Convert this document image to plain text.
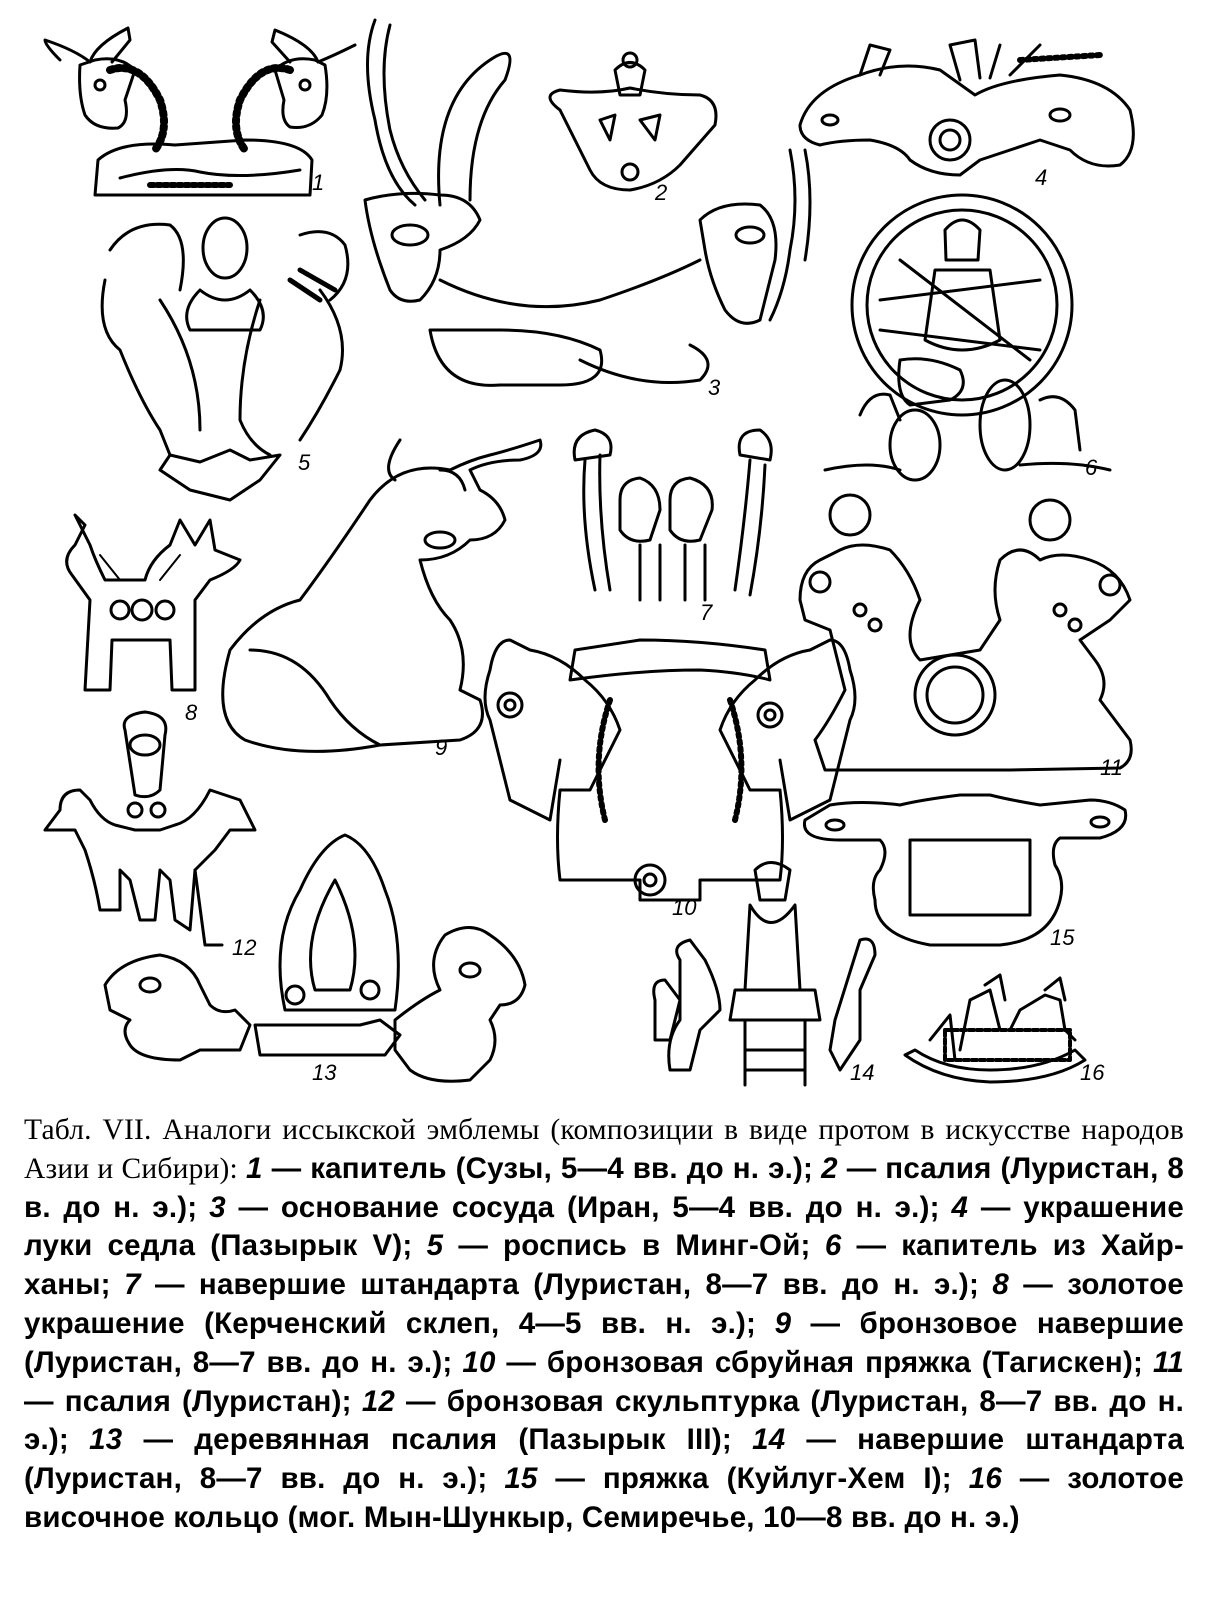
1	2
3
4
5	6
7
8
9
10
11
12
13	14
15
16
Табл. VII. Аналоги иссыкской эмблемы (композиции в виде протом в искусстве народов Азии и Сибири): 1 — капитель (Сузы, 5—4 вв. до н. э.); 2 — псалия (Луристан, 8 в. до н. э.); 3 — основание сосуда (Иран, 5—4 вв. до н. э.); 4 — украшение луки седла (Пазырык V); 5 — роспись в Минг-Ой; 6 — капитель из Хайр-ханы; 7 — навершие штандарта (Луристан, 8—7 вв. до н. э.); 8 — золотое украшение (Керченский склеп, 4—5 вв. н. э.); 9 — бронзовое навершие (Луристан, 8—7 вв. до н. э.); 10 — бронзовая сбруйная пряжка (Тагискен); 11 — псалия (Луристан); 12 — бронзовая скульптурка (Луристан, 8—7 вв. до н. э.); 13 — деревянная псалия (Пазырык III); 14 — навершие штандарта (Луристан, 8—7 вв. до н. э.); 15 — пряжка (Куйлуг-Хем I); 16 — золотое височное кольцо (мог. Мын-Шункыр, Семиречье, 10—8 вв. до н. э.)
